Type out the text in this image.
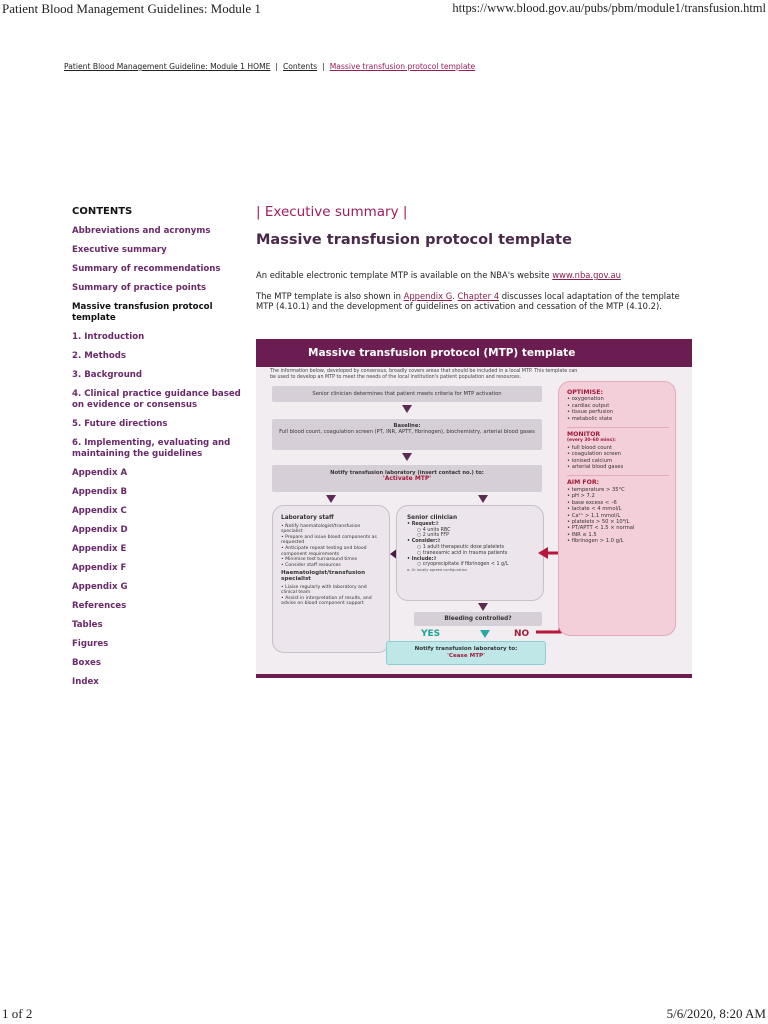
Patient Blood Management Guidelines: Module 1	https://www.blood.gov.au/pubs/pbm/module1/transfusion.html
Patient Blood Management Guideline: Module 1 HOME | Contents | Massive transfusion protocol template
CONTENTS
Abbreviations and acronyms
Executive summary
Summary of recommendations
Summary of practice points
Massive transfusion protocol template
1. Introduction
2. Methods
3. Background
4. Clinical practice guidance based on evidence or consensus
5. Future directions
6. Implementing, evaluating and maintaining the guidelines
Appendix A
Appendix B
Appendix C
Appendix D
Appendix E
Appendix F
Appendix G
References
Tables
Figures
Boxes
Index
| Executive summary |
Massive transfusion protocol template

An editable electronic template MTP is available on the NBA's website www.nba.gov.au

The MTP template is also shown in Appendix G. Chapter 4 discusses local adaptation of the template MTP (4.10.1) and the development of guidelines on activation and cessation of the MTP (4.10.2).

Massive transfusion protocol (MTP) template
The information below, developed by consensus, broadly covers areas that should be included in a local MTP. This template can be used to develop an MTP to meet the needs of the local institution's patient population and resources.
Senior clinician determines that patient meets criteria for MTP activation
Baseline:
Full blood count, coagulation screen (PT, INR, APTT, fibrinogen), biochemistry, arterial blood gases
Notify transfusion laboratory (insert contact no.) to:
'Activate MTP'
Laboratory staff
• Notify haematologist/transfusion specialist
• Prepare and issue blood components as requested
• Anticipate repeat testing and blood component requirements
• Minimise test turnaround times
• Consider staff resources
Haematologist/transfusion specialist
• Liaise regularly with laboratory and clinical team
• Assist in interpretation of results, and advise on blood component support
Senior clinician
• Request:ª
○ 4 units RBC
○ 2 units FFP
• Consider:ª
○ 1 adult therapeutic dose platelets
○ tranexamic acid in trauma patients
• Include:ª
○ cryoprecipitate if fibrinogen < 1 g/L
a. Or locally agreed configuration
Bleeding controlled?
YES	NO
Notify transfusion laboratory to:
'Cease MTP'
OPTIMISE:
• oxygenation
• cardiac output
• tissue perfusion
• metabolic state
MONITOR
(every 30–60 mins):
• full blood count
• coagulation screen
• ionised calcium
• arterial blood gases
AIM FOR:
• temperature > 35°C
• pH > 7.2
• base excess < –6
• lactate < 4 mmol/L
• Ca²⁺ > 1.1 mmol/L
• platelets > 50 × 10⁹/L
• PT/APTT < 1.5 × normal
• INR ≤ 1.5
• fibrinogen > 1.0 g/L
1 of 2	5/6/2020, 8:20 AM
